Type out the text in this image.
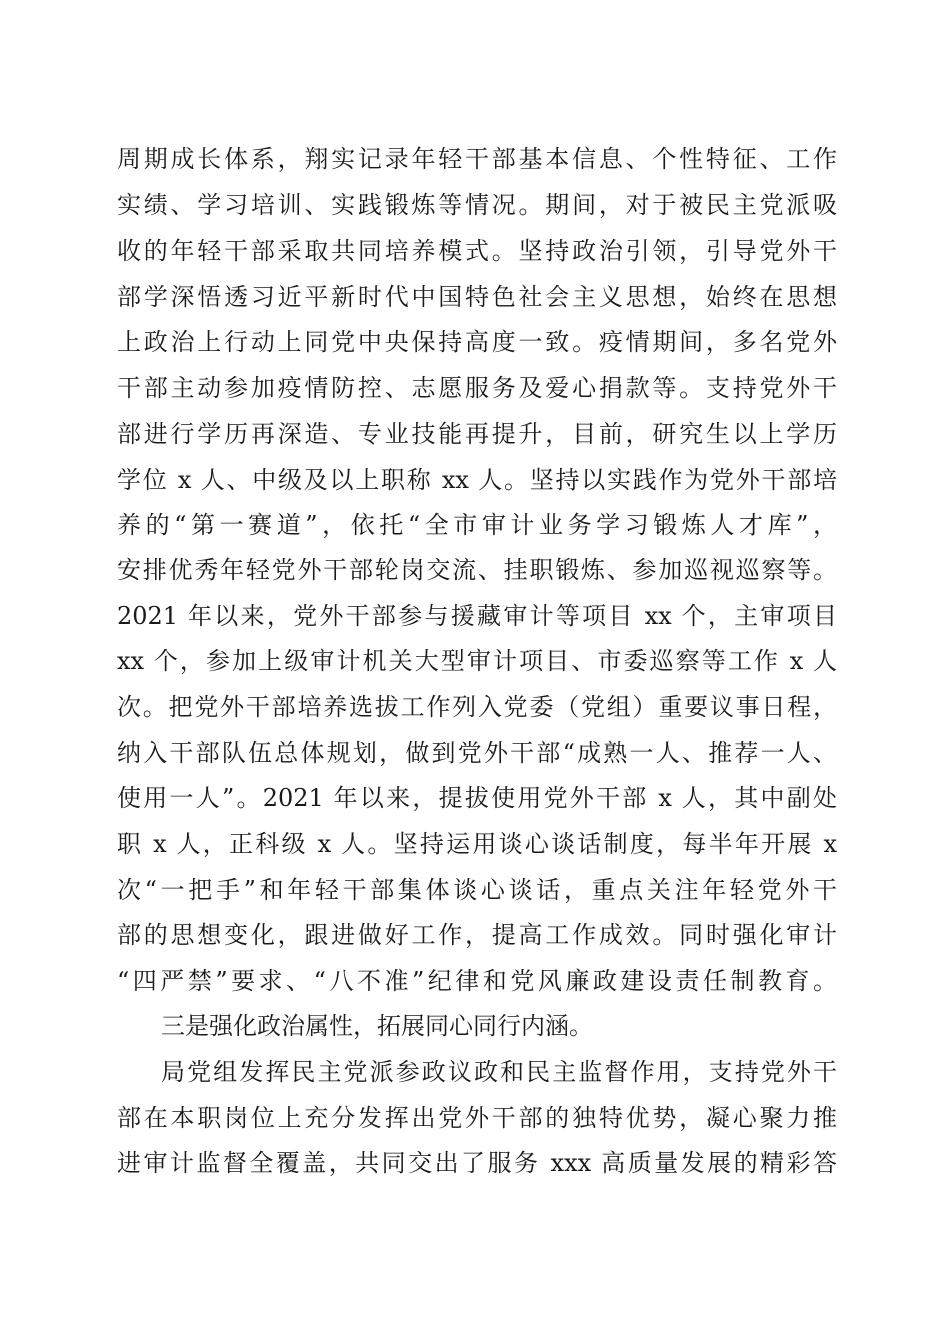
周期成长体系，翔实记录年轻干部基本信息、个性特征、工作
实绩、学习培训、实践锻炼等情况。期间，对于被民主党派吸
收的年轻干部采取共同培养模式。坚持政治引领，引导党外干
部学深悟透习近平新时代中国特色社会主义思想，始终在思想
上政治上行动上同党中央保持高度一致。疫情期间，多名党外
干部主动参加疫情防控、志愿服务及爱心捐款等。支持党外干
部进行学历再深造、专业技能再提升，目前，研究生以上学历
学位 x 人、中级及以上职称 xx 人。坚持以实践作为党外干部培
养的“第一赛道”，依托“全市审计业务学习锻炼人才库”，
安排优秀年轻党外干部轮岗交流、挂职锻炼、参加巡视巡察等。
2021 年以来，党外干部参与援藏审计等项目 xx 个，主审项目
xx 个，参加上级审计机关大型审计项目、市委巡察等工作 x 人
次。把党外干部培养选拔工作列入党委（党组）重要议事日程，
纳入干部队伍总体规划，做到党外干部“成熟一人、推荐一人、
使用一人”。2021 年以来，提拔使用党外干部 x 人，其中副处
职 x 人，正科级 x 人。坚持运用谈心谈话制度，每半年开展 x
次“一把手”和年轻干部集体谈心谈话，重点关注年轻党外干
部的思想变化，跟进做好工作，提高工作成效。同时强化审计
“四严禁”要求、“八不准”纪律和党风廉政建设责任制教育。
三是强化政治属性，拓展同心同行内涵。
局党组发挥民主党派参政议政和民主监督作用，支持党外干
部在本职岗位上充分发挥出党外干部的独特优势，凝心聚力推
进审计监督全覆盖，共同交出了服务 xxx 高质量发展的精彩答
